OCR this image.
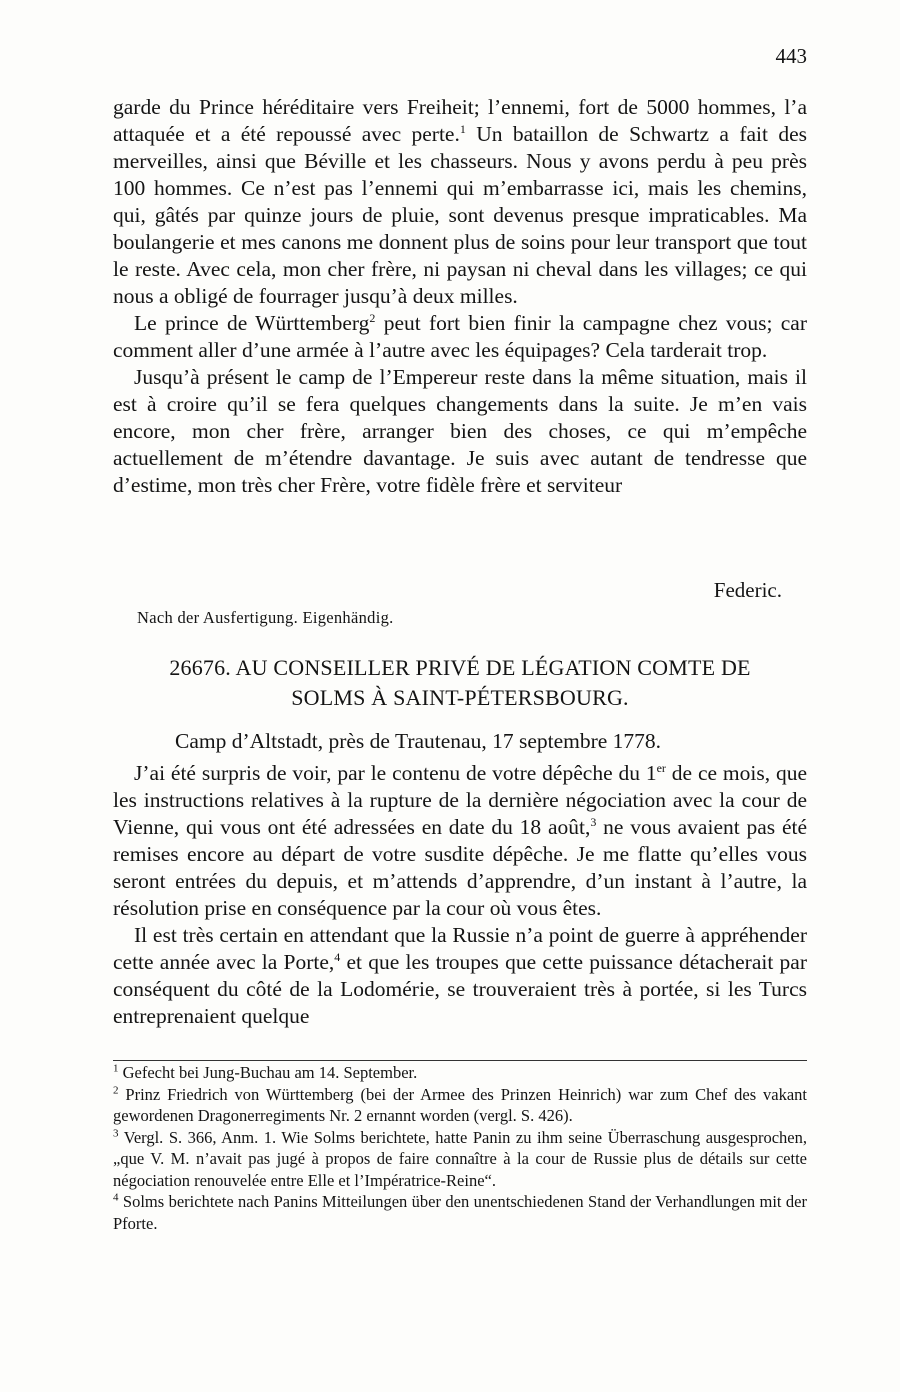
443

garde du Prince héréditaire vers Freiheit; l’ennemi, fort de 5000 hommes, l’a attaquée et a été repoussé avec perte.$^1$ Un bataillon de Schwartz a fait des merveilles, ainsi que Béville et les chasseurs. Nous y avons perdu à peu près 100 hommes. Ce n’est pas l’ennemi qui m’embarrasse ici, mais les chemins, qui, gâtés par quinze jours de pluie, sont devenus presque impraticables. Ma boulangerie et mes canons me donnent plus de soins pour leur transport que tout le reste. Avec cela, mon cher frère, ni paysan ni cheval dans les villages; ce qui nous a obligé de fourrager jusqu’à deux milles.

Le prince de Württemberg$^2$ peut fort bien finir la campagne chez vous; car comment aller d’une armée à l’autre avec les équipages? Cela tarderait trop.

Jusqu’à présent le camp de l’Empereur reste dans la même situation, mais il est à croire qu’il se fera quelques changements dans la suite. Je m’en vais encore, mon cher frère, arranger bien des choses, ce qui m’empêche actuellement de m’étendre davantage. Je suis avec autant de tendresse que d’estime, mon très cher Frère, votre fidèle frère et serviteur

Federic.
Nach der Ausfertigung. Eigenhändig.
26676. AU CONSEILLER PRIVÉ DE LÉGATION COMTE DE
SOLMS À SAINT-PÉTERSBOURG.
Camp d’Altstadt, près de Trautenau, 17 septembre 1778.

J’ai été surpris de voir, par le contenu de votre dépêche du 1er de ce mois, que les instructions relatives à la rupture de la dernière négociation avec la cour de Vienne, qui vous ont été adressées en date du 18 août,$^3$ ne vous avaient pas été remises encore au départ de votre susdite dépêche. Je me flatte qu’elles vous seront entrées du depuis, et m’attends d’apprendre, d’un instant à l’autre, la résolution prise en conséquence par la cour où vous êtes.

Il est très certain en attendant que la Russie n’a point de guerre à appréhender cette année avec la Porte,$^4$ et que les troupes que cette puissance détacherait par conséquent du côté de la Lodomérie, se trouveraient très à portée, si les Turcs entreprenaient quelque

$^1$ Gefecht bei Jung-Buchau am 14. September.

$^2$ Prinz Friedrich von Württemberg (bei der Armee des Prinzen Heinrich) war zum Chef des vakant gewordenen Dragonerregiments Nr. 2 ernannt worden (vergl. S. 426).

$^3$ Vergl. S. 366, Anm. 1. Wie Solms berichtete, hatte Panin zu ihm seine Überraschung ausgesprochen, „que V. M. n’avait pas jugé à propos de faire connaître à la cour de Russie plus de détails sur cette négociation renouvelée entre Elle et l’Impératrice-Reine“.

$^4$ Solms berichtete nach Panins Mitteilungen über den unentschiedenen Stand der Verhandlungen mit der Pforte.
